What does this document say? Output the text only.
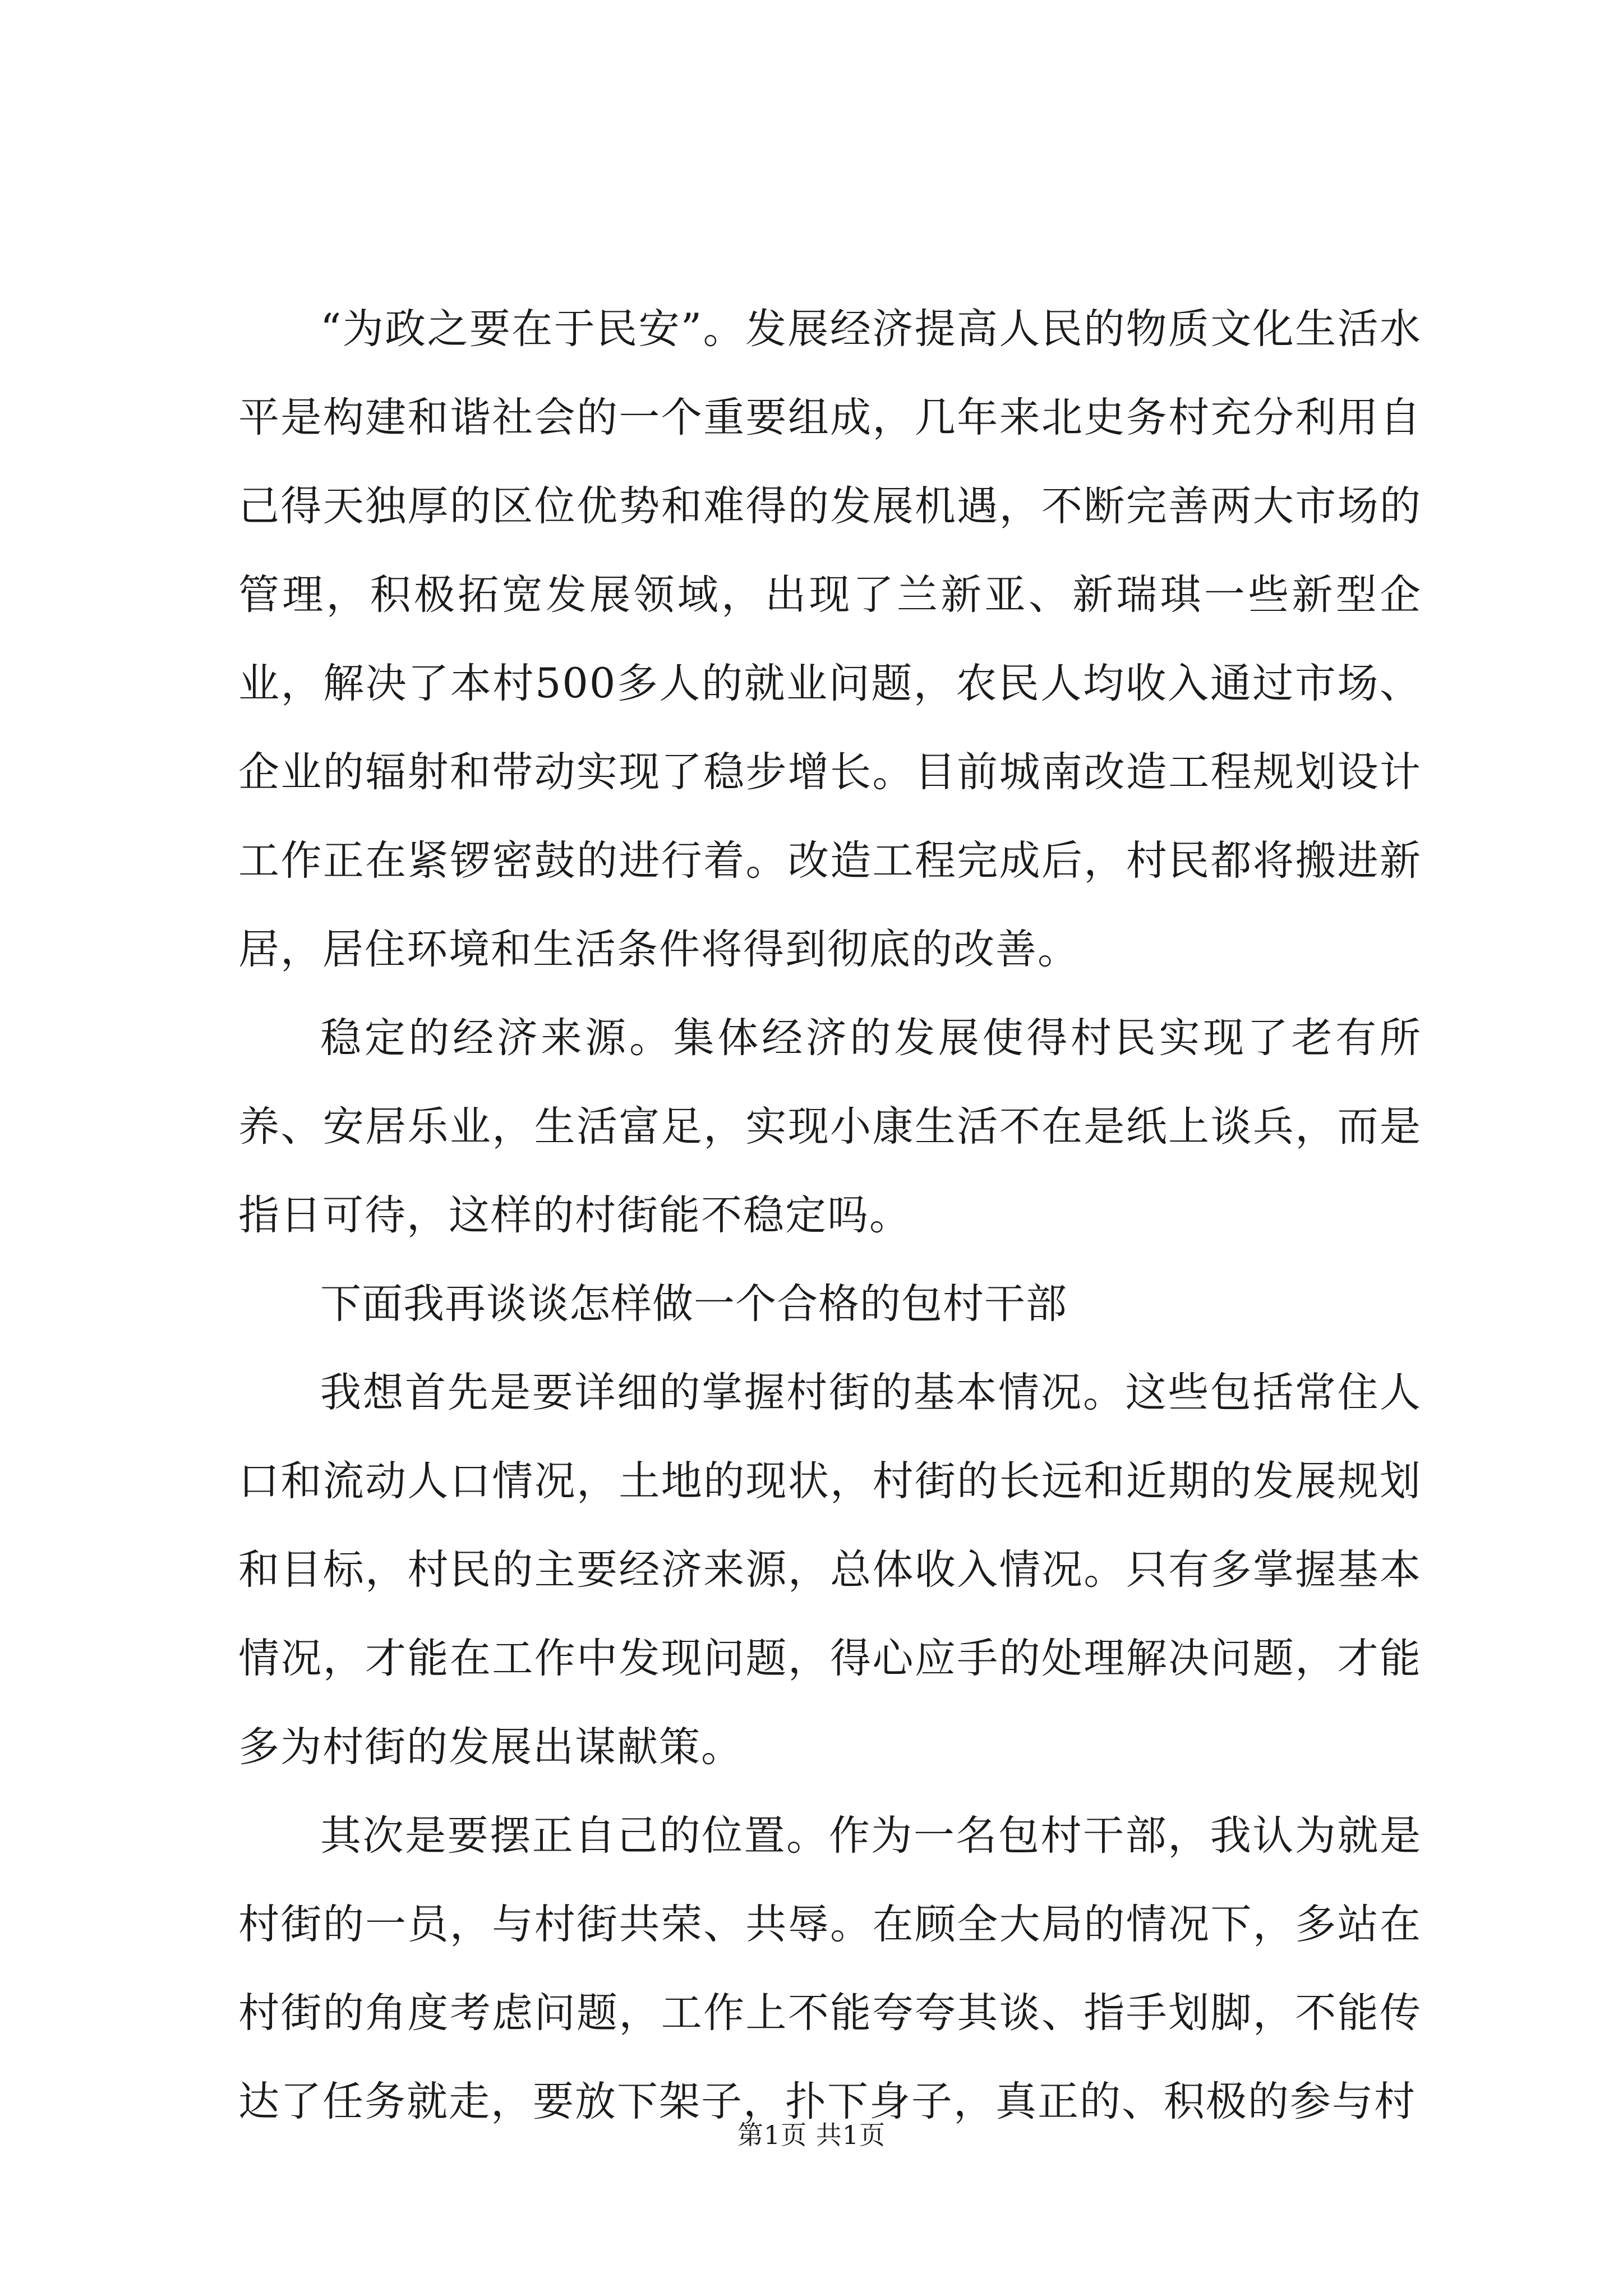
“为政之要在于民安”。发展经济提高人民的物质文化生活水平是构建和谐社会的一个重要组成，几年来北史务村充分利用自己得天独厚的区位优势和难得的发展机遇，不断完善两大市场的管理，积极拓宽发展领域，出现了兰新亚、新瑞琪一些新型企业，解决了本村500多人的就业问题，农民人均收入通过市场、企业的辐射和带动实现了稳步增长。目前城南改造工程规划设计工作正在紧锣密鼓的进行着。改造工程完成后，村民都将搬进新居，居住环境和生活条件将得到彻底的改善。

稳定的经济来源。集体经济的发展使得村民实现了老有所养、安居乐业，生活富足，实现小康生活不在是纸上谈兵，而是指日可待，这样的村街能不稳定吗。

下面我再谈谈怎样做一个合格的包村干部

我想首先是要详细的掌握村街的基本情况。这些包括常住人口和流动人口情况，土地的现状，村街的长远和近期的发展规划和目标，村民的主要经济来源，总体收入情况。只有多掌握基本情况，才能在工作中发现问题，得心应手的处理解决问题，才能多为村街的发展出谋献策。

其次是要摆正自己的位置。作为一名包村干部，我认为就是村街的一员，与村街共荣、共辱。在顾全大局的情况下，多站在村街的角度考虑问题，工作上不能夸夸其谈、指手划脚，不能传达了任务就走，要放下架子，扑下身子，真正的、积极的参与村

第1页 共1页
